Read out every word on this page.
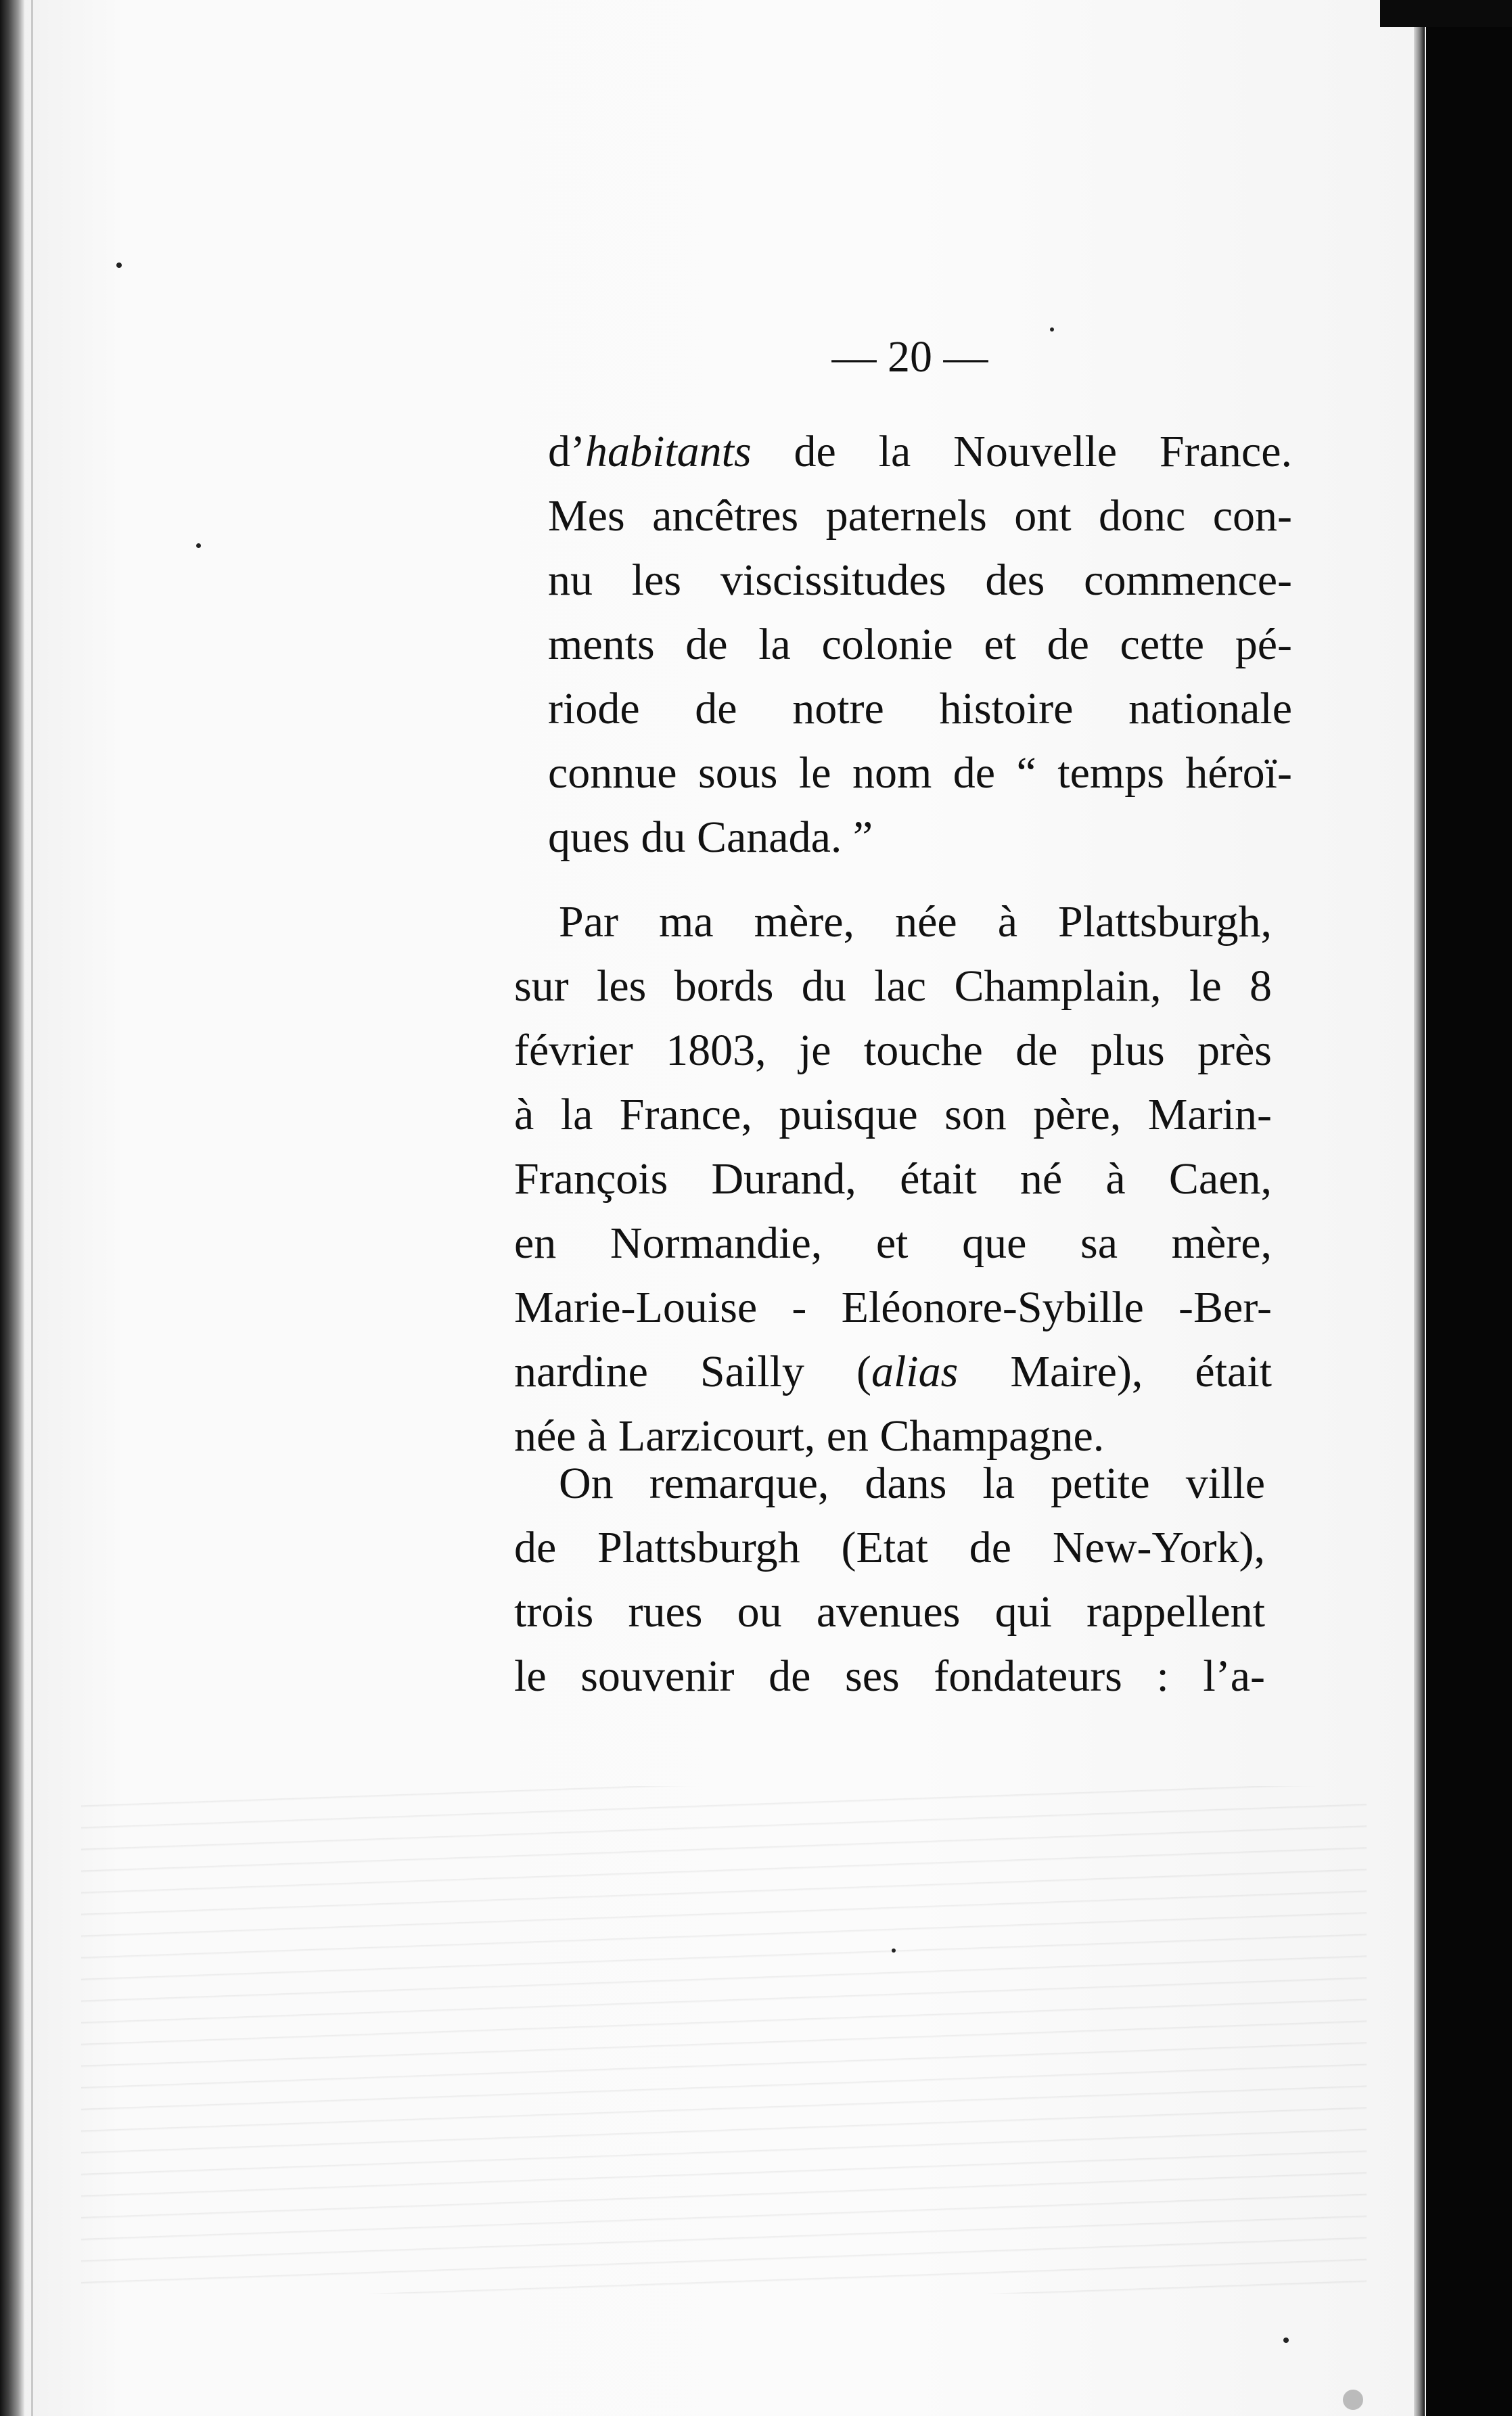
— 20 —
d’habitants de la Nouvelle France.
Mes ancêtres paternels ont donc con-
nu les viscissitudes des commence-
ments de la colonie et de cette pé-
riode de notre histoire nationale
connue sous le nom de “ temps héroï-
ques du Canada. ”
Par ma mère, née à Plattsburgh,
sur les bords du lac Champlain, le 8
février 1803, je touche de plus près
à la France, puisque son père, Marin-
François Durand, était né à Caen,
en Normandie, et que sa mère,
Marie-Louise - Eléonore-Sybille -Ber-
nardine Sailly (alias Maire), était
née à Larzicourt, en Champagne.
On remarque, dans la petite ville
de Plattsburgh (Etat de New-York),
trois rues ou avenues qui rappellent
le souvenir de ses fondateurs : l’a-
